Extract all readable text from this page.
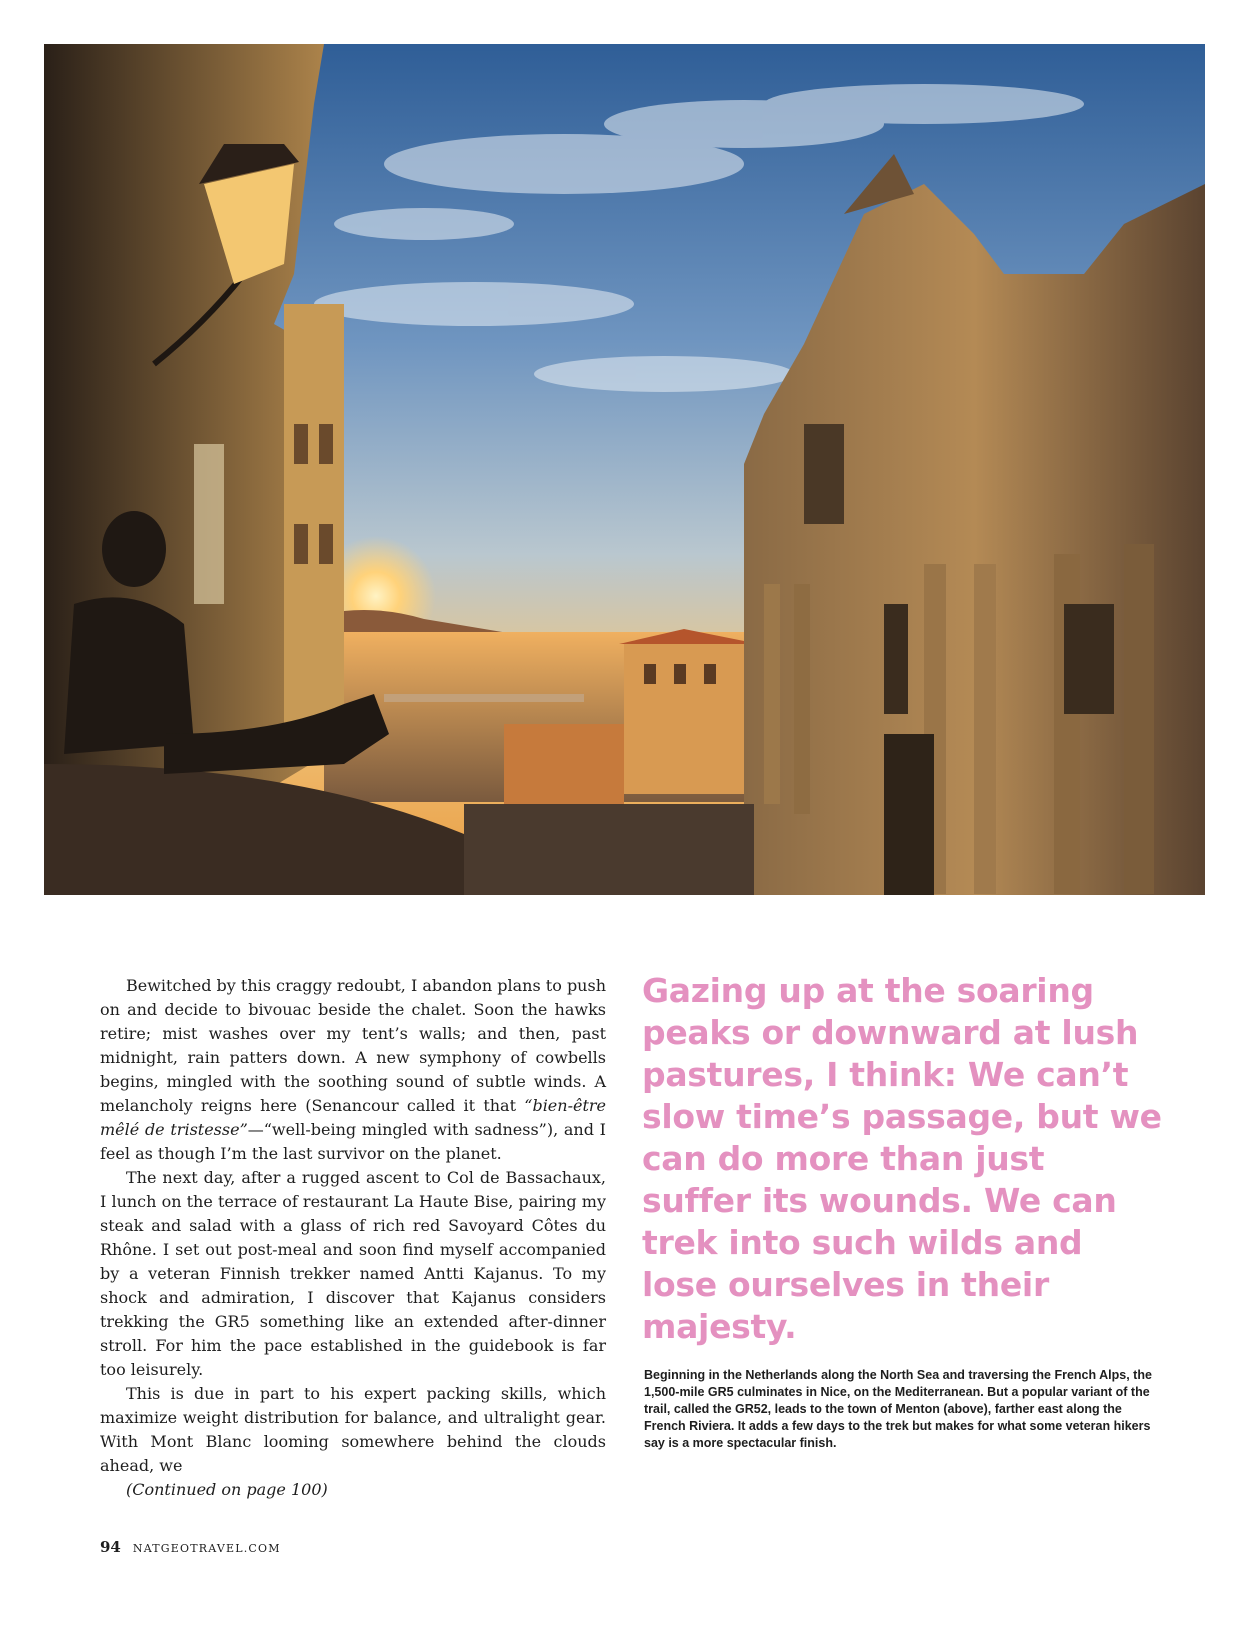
Bewitched by this craggy redoubt, I abandon plans to push on and decide to bivouac beside the chalet. Soon the hawks retire; mist washes over my tent’s walls; and then, past midnight, rain patters down. A new symphony of cowbells begins, mingled with the soothing sound of subtle winds. A melancholy reigns here (Senancour called it that “bien-être mêlé de tristesse”—“well-being mingled with sadness”), and I feel as though I’m the last survivor on the planet.

The next day, after a rugged ascent to Col de Bassachaux, I lunch on the terrace of restaurant La Haute Bise, pairing my steak and salad with a glass of rich red Savoyard Côtes du Rhône. I set out post-meal and soon find myself accompanied by a veteran Finnish trekker named Antti Kajanus. To my shock and admiration, I discover that Kajanus considers trekking the GR5 something like an extended after-dinner stroll. For him the pace established in the guidebook is far too leisurely.

This is due in part to his expert packing skills, which maximize weight distribution for balance, and ultralight gear. With Mont Blanc looming somewhere behind the clouds ahead, we

(Continued on page 100)

Gazing up at the soaring peaks or downward at lush pastures, I think: We can’t slow time’s passage, but we can do more than just suffer its wounds. We can trek into such wilds and lose ourselves in their majesty.

Beginning in the Netherlands along the North Sea and traversing the French Alps, the 1,500-mile GR5 culminates in Nice, on the Mediterranean. But a popular variant of the trail, called the GR52, leads to the town of Menton (above), farther east along the French Riviera. It adds a few days to the trek but makes for what some veteran hikers say is a more spectacular finish.

94 NATGEOTRAVEL.COM
